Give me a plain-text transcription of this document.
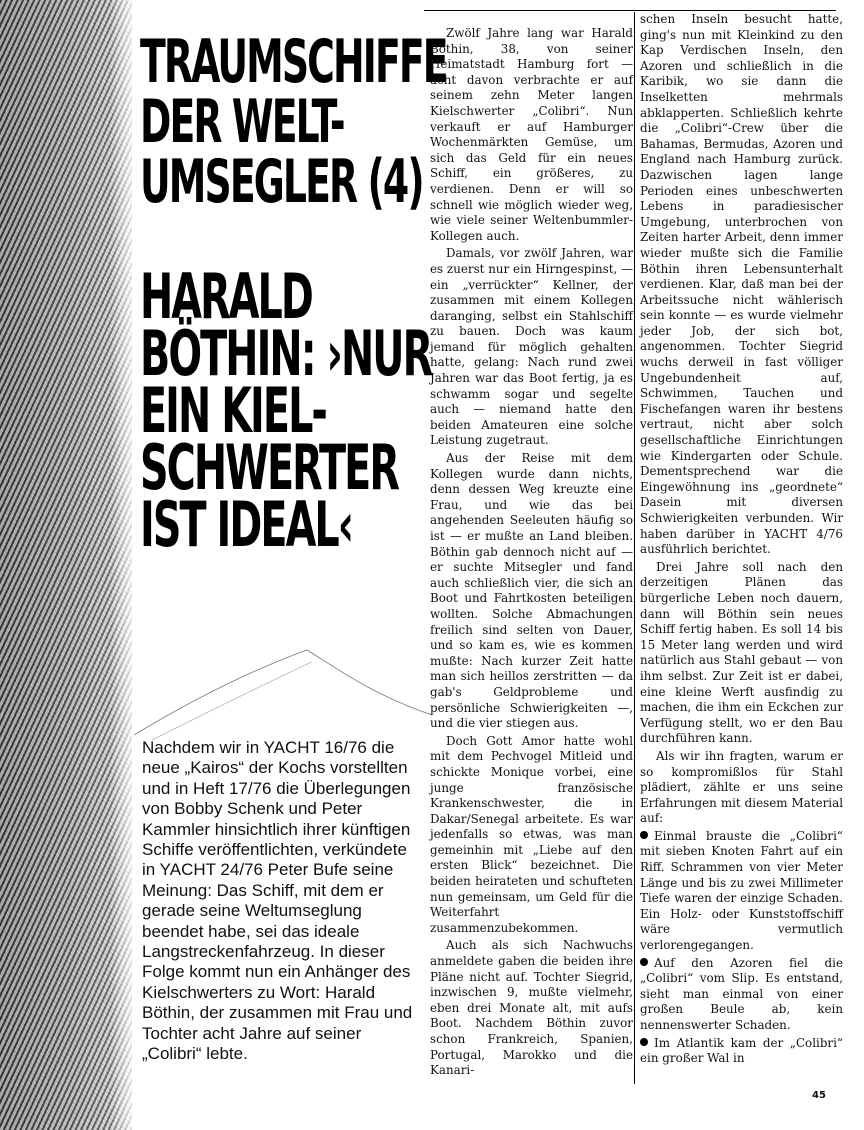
TRAUMSCHIFFE
DER WELT-
UMSEGLER (4)
HARALD
BÖTHIN: ›NUR
EIN KIEL-
SCHWERTER
IST IDEAL‹

Nachdem wir in YACHT 16/76 die neue „Kairos“ der Kochs vorstellten und in Heft 17/76 die Überlegungen von Bobby Schenk und Peter Kammler hinsichtlich ihrer künftigen Schiffe veröffentlichten, verkündete in YACHT 24/76 Peter Bufe seine Meinung: Das Schiff, mit dem er gerade seine Weltumseglung beendet habe, sei das ideale Langstreckenfahrzeug. In dieser Folge kommt nun ein Anhänger des Kielschwerters zu Wort: Harald Böthin, der zusammen mit Frau und Tochter acht Jahre auf seiner „Colibri“ lebte.

Zwölf Jahre lang war Harald Böthin, 38, von seiner Heimatstadt Hamburg fort — acht davon verbrachte er auf seinem zehn Meter langen Kielschwerter „Colibri“. Nun verkauft er auf Hamburger Wochenmärkten Gemüse, um sich das Geld für ein neues Schiff, ein größeres, zu verdienen. Denn er will so schnell wie möglich wieder weg, wie viele seiner Weltenbummler-Kollegen auch.

Damals, vor zwölf Jahren, war es zuerst nur ein Hirngespinst, — ein „verrückter“ Kellner, der zusammen mit einem Kollegen daranging, selbst ein Stahlschiff zu bauen. Doch was kaum jemand für möglich gehalten hatte, gelang: Nach rund zwei Jahren war das Boot fertig, ja es schwamm sogar und segelte auch — niemand hatte den beiden Amateuren eine solche Leistung zugetraut.

Aus der Reise mit dem Kollegen wurde dann nichts, denn dessen Weg kreuzte eine Frau, und wie das bei angehenden Seeleuten häufig so ist — er mußte an Land bleiben. Böthin gab dennoch nicht auf — er suchte Mitsegler und fand auch schließlich vier, die sich an Boot und Fahrtkosten beteiligen wollten. Solche Abmachungen freilich sind selten von Dauer, und so kam es, wie es kommen mußte: Nach kurzer Zeit hatte man sich heillos zerstritten — da gab's Geldprobleme und persönliche Schwierigkeiten —, und die vier stiegen aus.

Doch Gott Amor hatte wohl mit dem Pechvogel Mitleid und schickte Monique vorbei, eine junge französische Krankenschwester, die in Dakar/Senegal arbeitete. Es war jedenfalls so etwas, was man gemeinhin mit „Liebe auf den ersten Blick“ bezeichnet. Die beiden heirateten und schufteten nun gemeinsam, um Geld für die Weiterfahrt zusammenzubekommen.

Auch als sich Nachwuchs anmeldete gaben die beiden ihre Pläne nicht auf. Tochter Siegrid, inzwischen 9, mußte vielmehr, eben drei Monate alt, mit aufs Boot. Nachdem Böthin zuvor schon Frankreich, Spanien, Portugal, Marokko und die Kanari-

schen Inseln besucht hatte, ging's nun mit Kleinkind zu den Kap Verdischen Inseln, den Azoren und schließlich in die Karibik, wo sie dann die Inselketten mehrmals abklapperten. Schließlich kehrte die „Colibri“-Crew über die Bahamas, Bermudas, Azoren und England nach Hamburg zurück. Dazwischen lagen lange Perioden eines unbeschwerten Lebens in paradiesischer Umgebung, unterbrochen von Zeiten harter Arbeit, denn immer wieder mußte sich die Familie Böthin ihren Lebensunterhalt verdienen. Klar, daß man bei der Arbeitssuche nicht wählerisch sein konnte — es wurde vielmehr jeder Job, der sich bot, angenommen. Tochter Siegrid wuchs derweil in fast völliger Ungebundenheit auf, Schwimmen, Tauchen und Fischefangen waren ihr bestens vertraut, nicht aber solch gesellschaftliche Einrichtungen wie Kindergarten oder Schule. Dementsprechend war die Eingewöhnung ins „geordnete“ Dasein mit diversen Schwierigkeiten verbunden. Wir haben darüber in YACHT 4/76 ausführlich berichtet.

Drei Jahre soll nach den derzeitigen Plänen das bürgerliche Leben noch dauern, dann will Böthin sein neues Schiff fertig haben. Es soll 14 bis 15 Meter lang werden und wird natürlich aus Stahl gebaut — von ihm selbst. Zur Zeit ist er dabei, eine kleine Werft ausfindig zu machen, die ihm ein Eckchen zur Verfügung stellt, wo er den Bau durchführen kann.

Als wir ihn fragten, warum er so kompromißlos für Stahl plädiert, zählte er uns seine Erfahrungen mit diesem Material auf:

Einmal brauste die „Colibri“ mit sieben Knoten Fahrt auf ein Riff. Schrammen von vier Meter Länge und bis zu zwei Millimeter Tiefe waren der einzige Schaden. Ein Holz- oder Kunststoffschiff wäre vermutlich verlorengegangen.

Auf den Azoren fiel die „Colibri“ vom Slip. Es entstand, sieht man einmal von einer großen Beule ab, kein nennenswerter Schaden.

Im Atlantik kam der „Colibri“ ein großer Wal in

45
